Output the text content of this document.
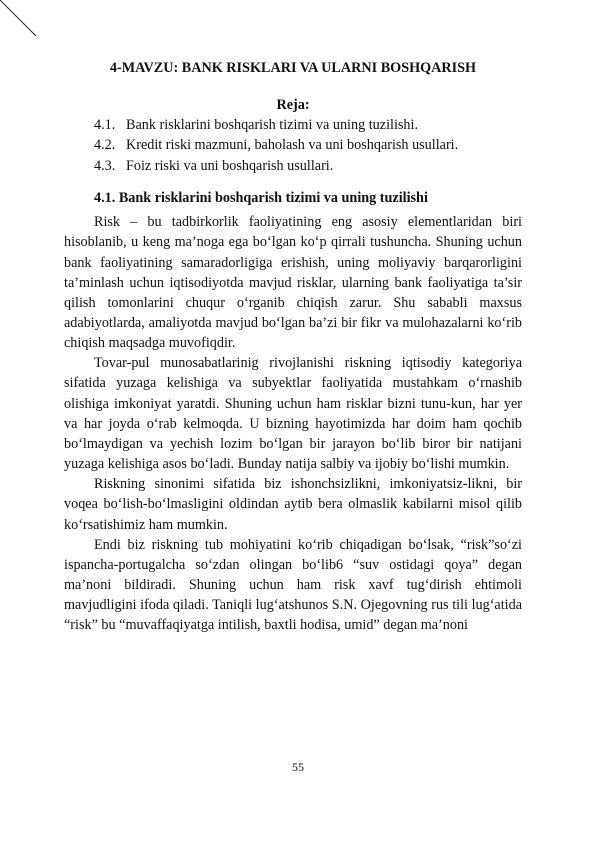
4-MAVZU: BANK RISKLARI VA ULARNI BOSHQARISH
Reja:
4.1. Bank risklarini boshqarish tizimi va uning tuzilishi.
4.2. Kredit riski mazmuni, baholash va uni boshqarish usullari.
4.3. Foiz riski va uni boshqarish usullari.
4.1. Bank risklarini boshqarish tizimi va uning tuzilishi

Risk – bu tadbirkorlik faoliyatining eng asosiy elementlaridan biri hisoblanib, u keng ma’noga ega bo‘lgan ko‘p qirrali tushuncha. Shuning uchun bank faoliyatining samaradorligiga erishish, uning moliyaviy barqarorligini ta’minlash uchun iqtisodiyotda mavjud risklar, ularning bank faoliyatiga ta’sir qilish tomonlarini chuqur o‘rganib chiqish zarur. Shu sababli maxsus adabiyotlarda, amaliyotda mavjud bo‘lgan ba’zi bir fikr va mulohazalarni ko‘rib chiqish maqsadga muvofiqdir.

Tovar-pul munosabatlarinig rivojlanishi riskning iqtisodiy kategoriya sifatida yuzaga kelishiga va subyektlar faoliyatida mustahkam o‘rnashib olishiga imkoniyat yaratdi. Shuning uchun ham risklar bizni tunu-kun, har yer va har joyda o‘rab kelmoqda. U bizning hayotimizda har doim ham qochib bo‘lmaydigan va yechish lozim bo‘lgan bir jarayon bo‘lib biror bir natijani yuzaga kelishiga asos bo‘ladi. Bunday natija salbiy va ijobiy bo‘lishi mumkin.

Riskning sinonimi sifatida biz ishonchsizlikni, imkoniyatsiz-likni, bir voqea bo‘lish-bo‘lmasligini oldindan aytib bera olmaslik kabilarni misol qilib ko‘rsatishimiz ham mumkin.

Endi biz riskning tub mohiyatini ko‘rib chiqadigan bo‘lsak, “risk”so‘zi ispancha-portugalcha so‘zdan olingan bo‘lib6 “suv ostidagi qoya” degan ma’noni bildiradi. Shuning uchun ham risk xavf tug‘dirish ehtimoli mavjudligini ifoda qiladi. Taniqli lug‘atshunos S.N. Ojegovning rus tili lug‘atida “risk” bu “muvaffaqiyatga intilish, baxtli hodisa, umid” degan ma’noni

55
